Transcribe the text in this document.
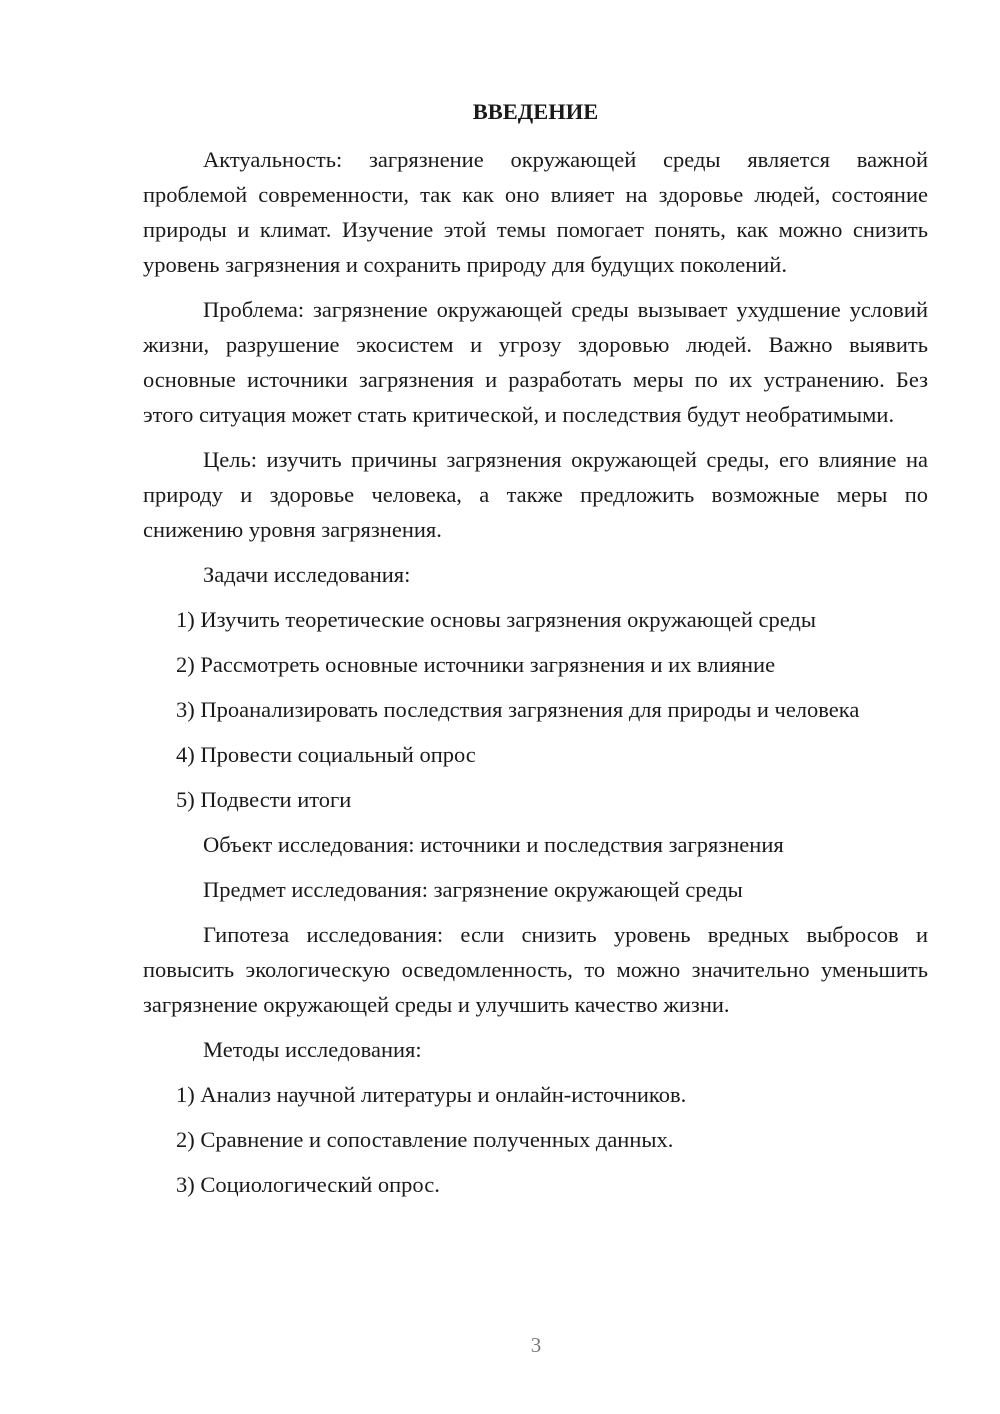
ВВЕДЕНИЕ
Актуальность: загрязнение окружающей среды является важной проблемой современности, так как оно влияет на здоровье людей, состояние природы и климат. Изучение этой темы помогает понять, как можно снизить уровень загрязнения и сохранить природу для будущих поколений.
Проблема: загрязнение окружающей среды вызывает ухудшение условий жизни, разрушение экосистем и угрозу здоровью людей. Важно выявить основные источники загрязнения и разработать меры по их устранению. Без этого ситуация может стать критической, и последствия будут необратимыми.
Цель: изучить причины загрязнения окружающей среды, его влияние на природу и здоровье человека, а также предложить возможные меры по снижению уровня загрязнения.
Задачи исследования:
1) Изучить теоретические основы загрязнения окружающей среды
2) Рассмотреть основные источники загрязнения и их влияние
3) Проанализировать последствия загрязнения для природы и человека
4) Провести социальный опрос
5) Подвести итоги
Объект исследования: источники и последствия загрязнения
Предмет исследования: загрязнение окружающей среды
Гипотеза исследования: если снизить уровень вредных выбросов и повысить экологическую осведомленность, то можно значительно уменьшить загрязнение окружающей среды и улучшить качество жизни.
Методы исследования:
1) Анализ научной литературы и онлайн-источников.
2) Сравнение и сопоставление полученных данных.
3) Социологический опрос.
3
